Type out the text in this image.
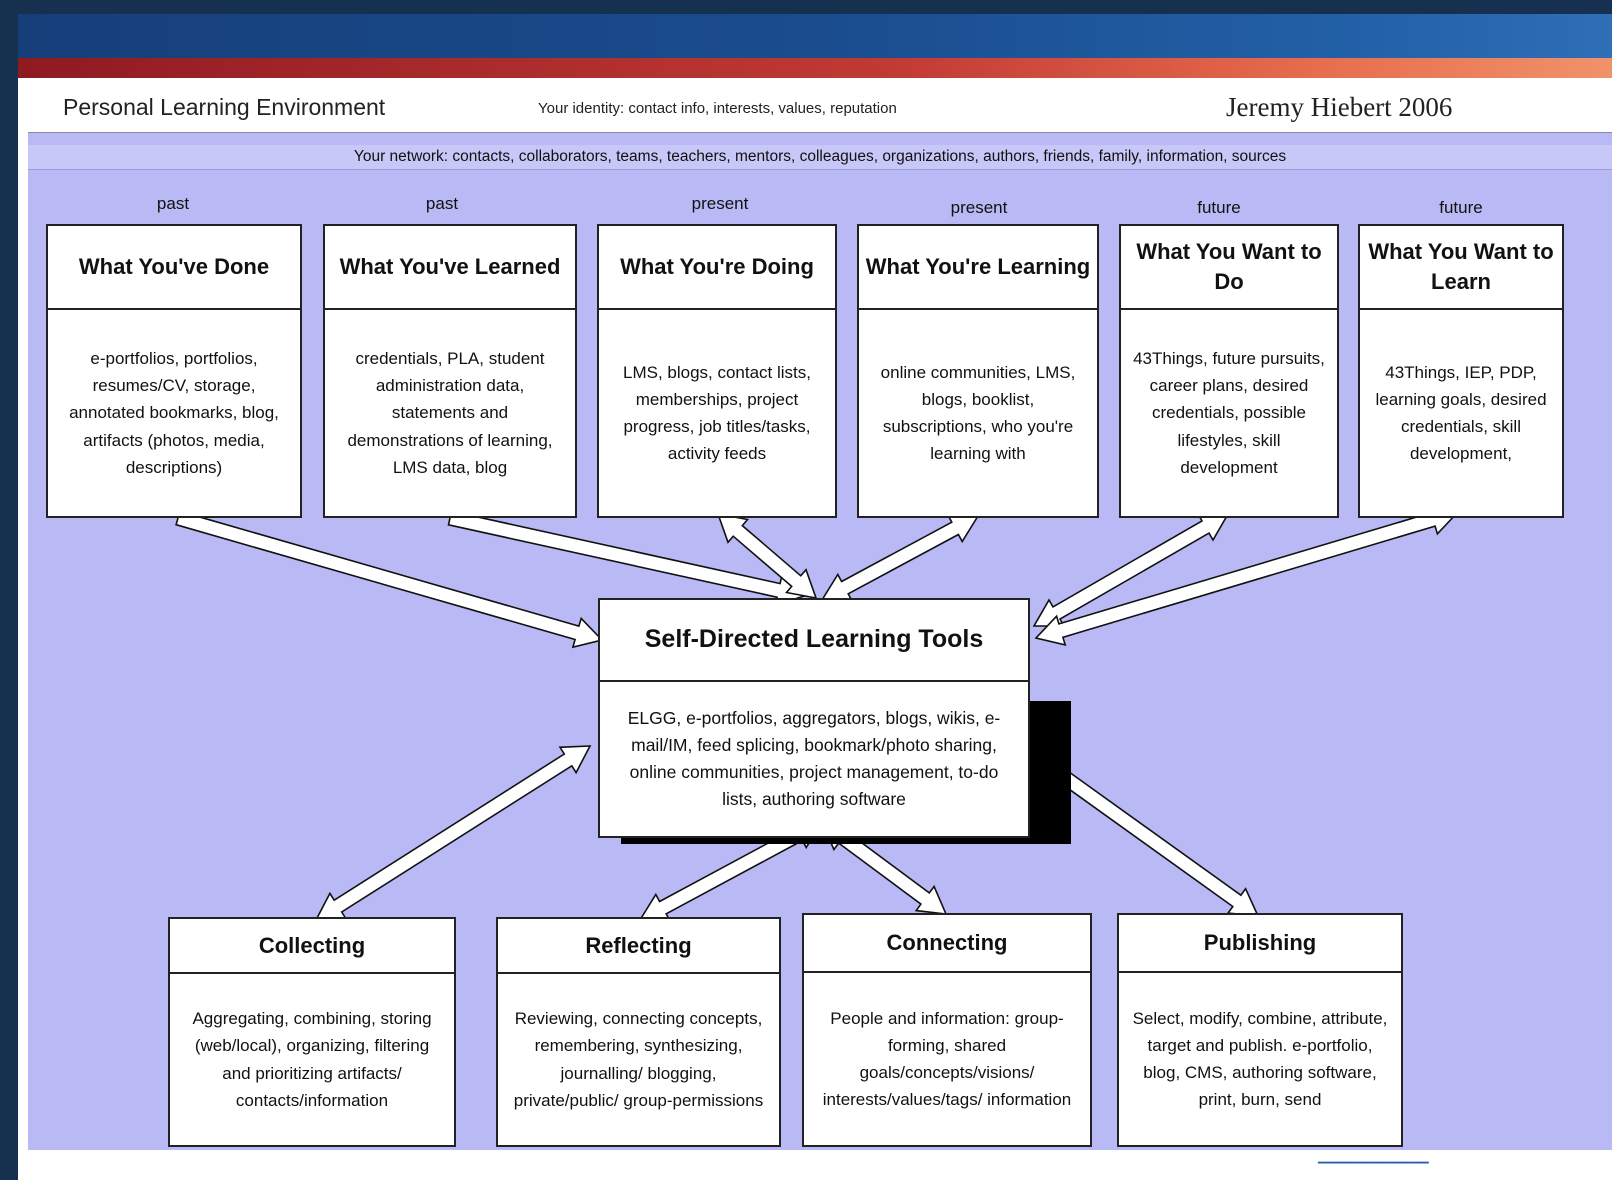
Personal Learning Environment	Your identity: contact info, interests, values, reputation	Jeremy Hiebert 2006
Your network: contacts, collaborators, teams, teachers, mentors, colleagues, organizations, authors, friends, family, information, sources
past
What You've Done
e-portfolios, portfolios, resumes/CV, storage, annotated bookmarks, blog, artifacts (photos, media, descriptions)
past
What You've Learned
credentials, PLA, student administration data, statements and demonstrations of learning, LMS data, blog
present
What You're Doing
LMS, blogs, contact lists, memberships, project progress, job titles/tasks, activity feeds
present
What You're Learning
online communities, LMS, blogs, booklist, subscriptions, who you're learning with
future
What You Want to Do
43Things, future pursuits, career plans, desired credentials, possible lifestyles, skill development
future
What You Want to Learn
43Things, IEP, PDP, learning goals, desired credentials, skill development,
Self-Directed Learning Tools
ELGG, e-portfolios, aggregators, blogs, wikis, e-mail/IM, feed splicing, bookmark/photo sharing, online communities, project management, to-do lists, authoring software
Collecting
Aggregating, combining, storing (web/local), organizing, filtering and prioritizing artifacts/ contacts/information
Reflecting
Reviewing, connecting concepts, remembering, synthesizing, journalling/ blogging, private/public/ group-permissions
Connecting
People and information: group-forming, shared goals/concepts/visions/ interests/values/tags/ information
Publishing
Select, modify, combine, attribute, target and publish. e-portfolio, blog, CMS, authoring software, print, burn, send
▔▔▔▔▔▔▔▔▔▔▔▔
